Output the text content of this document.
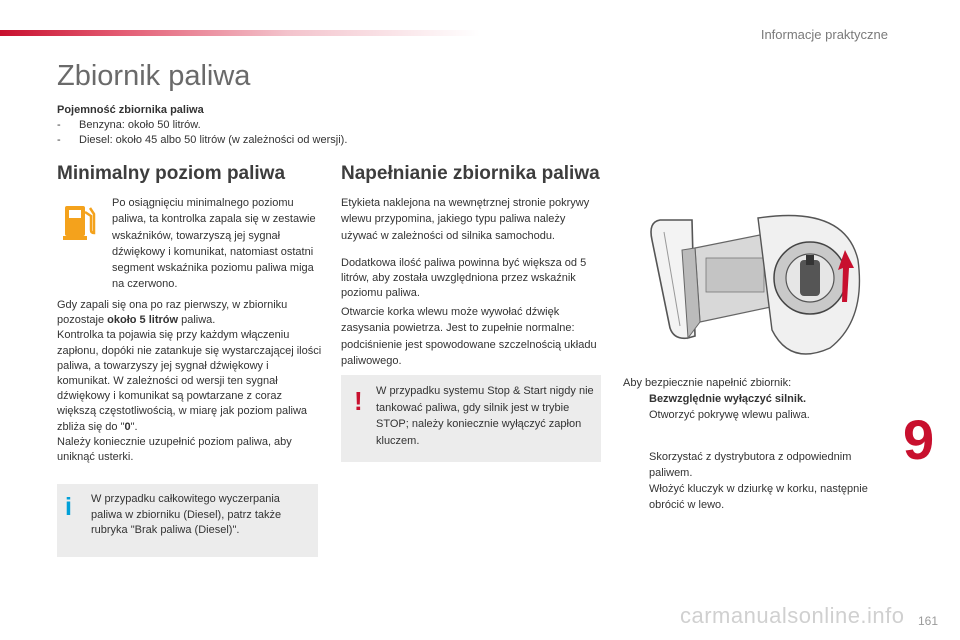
Informacje praktyczne
Zbiornik paliwa
Pojemność zbiornika paliwa
-	Benzyna: około 50 litrów.
-	Diesel: około 45 albo 50 litrów (w zależności od wersji).
Minimalny poziom paliwa
Po osiągnięciu minimalnego poziomu paliwa, ta kontrolka zapala się w zestawie wskaźników, towarzyszą jej sygnał dźwiękowy i komunikat, natomiast ostatni segment wskaźnika poziomu paliwa miga na czerwono.
Gdy zapali się ona po raz pierwszy, w zbiorniku pozostaje około 5 litrów paliwa.
Kontrolka ta pojawia się przy każdym włączeniu zapłonu, dopóki nie zatankuje się wystarczającej ilości paliwa, a towarzyszy jej sygnał dźwiękowy i komunikat. W zależności od wersji ten sygnał dźwiękowy i komunikat są powtarzane z coraz większą częstotliwością, w miarę jak poziom paliwa zbliża się do "0".
Należy koniecznie uzupełnić poziom paliwa, aby uniknąć usterki.
i W przypadku całkowitego wyczerpania paliwa w zbiorniku (Diesel), patrz także rubryka "Brak paliwa (Diesel)".
Napełnianie zbiornika paliwa
Etykieta naklejona na wewnętrznej stronie pokrywy wlewu przypomina, jakiego typu paliwa należy używać w zależności od silnika samochodu.
Dodatkowa ilość paliwa powinna być większa od 5 litrów, aby została uwzględniona przez wskaźnik poziomu paliwa.
Otwarcie korka wlewu może wywołać dźwięk zasysania powietrza. Jest to zupełnie normalne: podciśnienie jest spowodowane szczelnością układu paliwowego.
! W przypadku systemu Stop & Start nigdy nie tankować paliwa, gdy silnik jest w trybie STOP; należy koniecznie wyłączyć zapłon kluczem.
Aby bezpiecznie napełnić zbiornik:
Bezwzględnie wyłączyć silnik.
Otworzyć pokrywę wlewu paliwa.
Skorzystać z dystrybutora z odpowiednim paliwem.
Włożyć kluczyk w dziurkę w korku, następnie obrócić w lewo.
9
carmanualsonline.info 161
